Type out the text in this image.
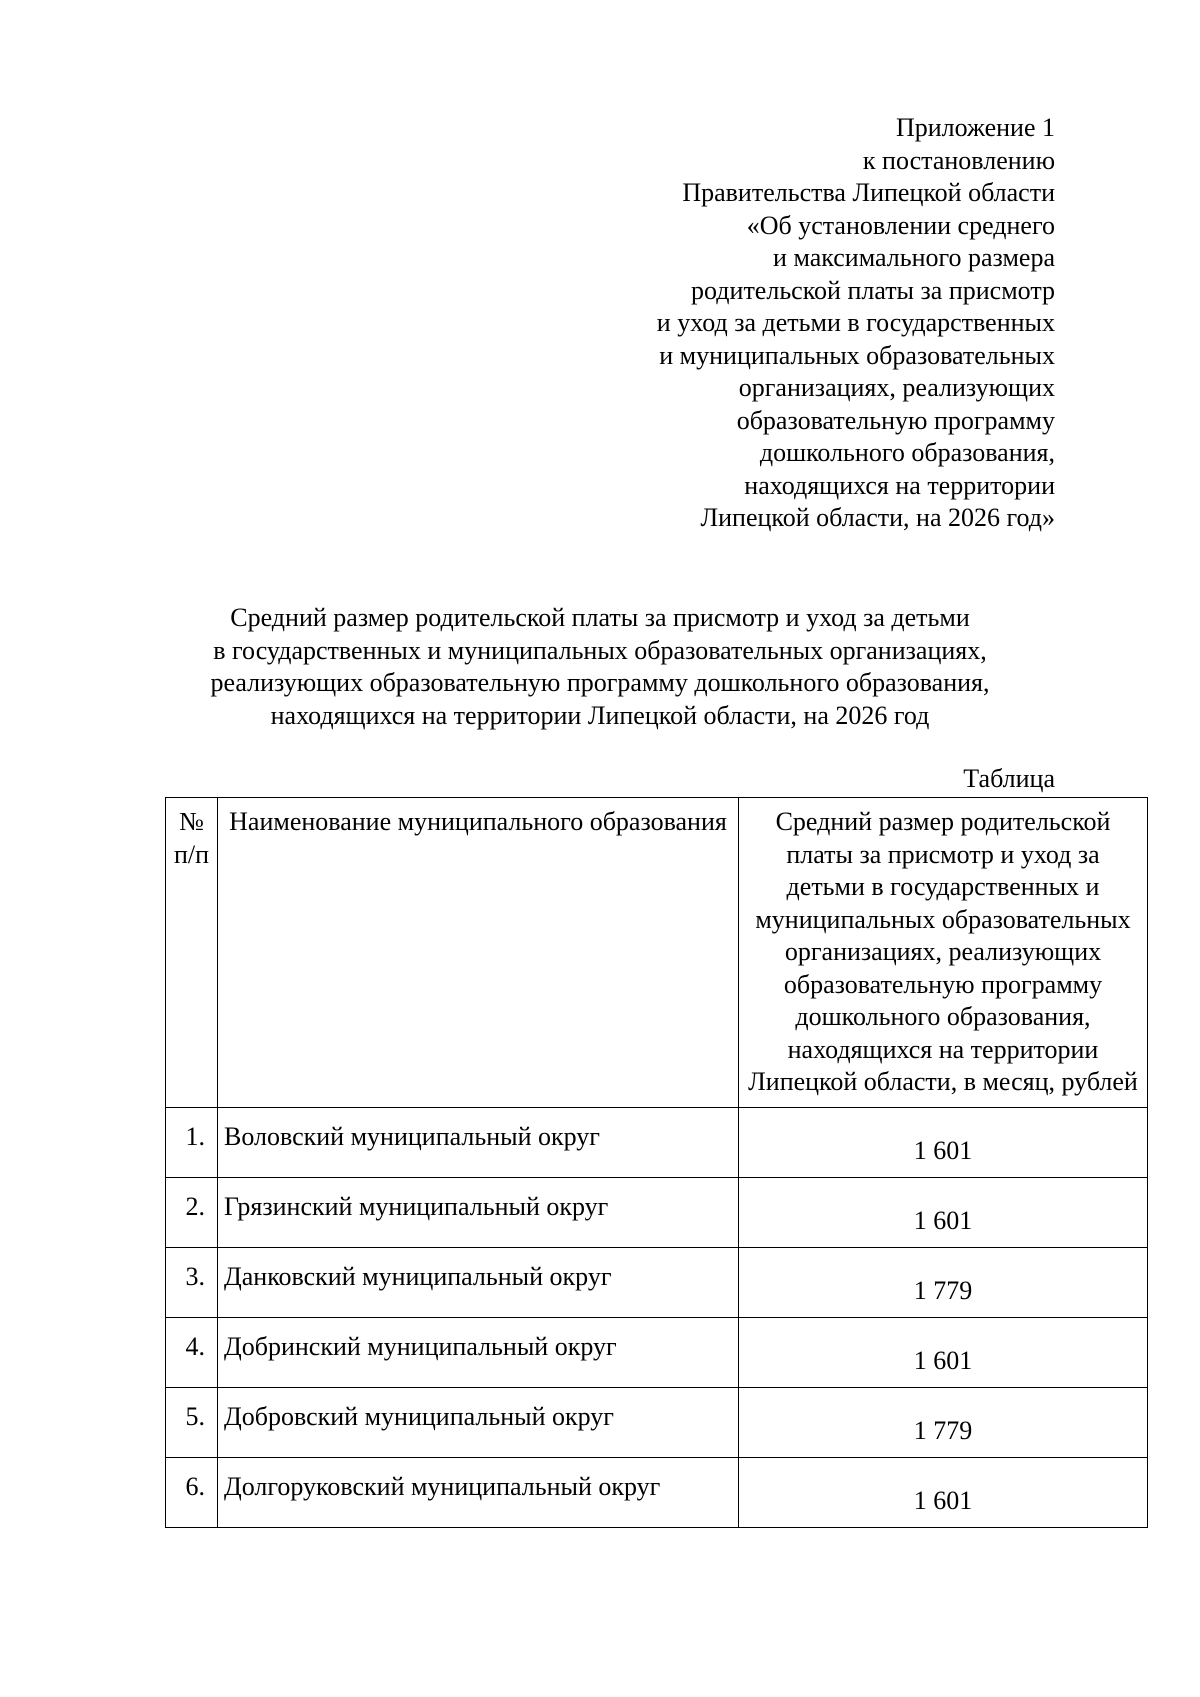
Приложение 1
к постановлению
Правительства Липецкой области
«Об установлении среднего
и максимального размера
родительской платы за присмотр
и уход за детьми в государственных
и муниципальных образовательных
организациях, реализующих
образовательную программу
дошкольного образования,
находящихся на территории
Липецкой области, на 2026 год»
Средний размер родительской платы за присмотр и уход за детьми
в государственных и муниципальных образовательных организациях,
реализующих образовательную программу дошкольного образования,
находящихся на территории Липецкой области, на 2026 год
Таблица
№
п/п	Наименование муниципального образования	Средний размер родительской платы за присмотр и уход за детьми в государственных и муниципальных образовательных организациях, реализующих образовательную программу дошкольного образования, находящихся на территории Липецкой области, в месяц, рублей
1.	Воловский муниципальный округ	1 601
2.	Грязинский муниципальный округ	1 601
3.	Данковский муниципальный округ	1 779
4.	Добринский муниципальный округ	1 601
5.	Добровский муниципальный округ	1 779
6.	Долгоруковский муниципальный округ	1 601
